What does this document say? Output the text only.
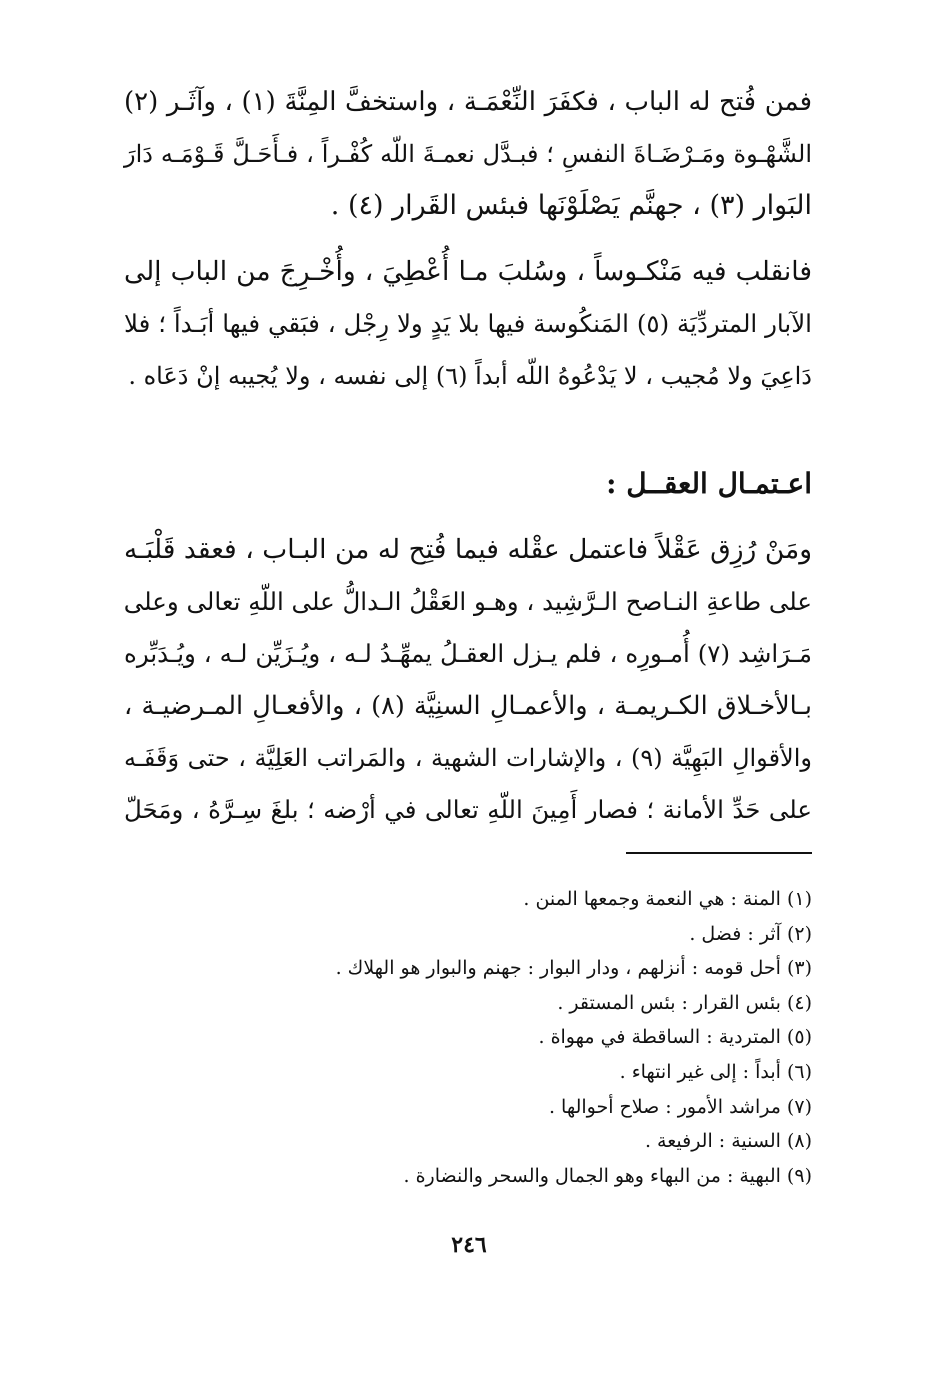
فمن فُتح له الباب ، فكفَرَ النِّعْمَـة ، واستخفَّ المِنَّةَ (١) ، وآثَـر (٢)
الشَّهْـوة ومَـرْضَـاةَ النفسِ ؛ فبـدَّل نعمـةَ اللّه كُفْـراً ، فـأَحَـلَّ قَـوْمَـه دَارَ
البَوار (٣) ، جهنَّم يَصْلَوْنَها فبئس القَرار (٤) .
فانقلب فيه مَنْكـوساً ، وسُلبَ مـا أُعْطِيَ ، وأُخْـرِجَ من الباب إلى
الآبار المتردِّيَة (٥) المَنكُوسة فيها بلا يَدٍ ولا رِجْل ، فبَقي فيها أبَـداً ؛ فلا
دَاعِيَ ولا مُجيب ، لا يَدْعُوهُ اللّه أبداً (٦) إلى نفسه ، ولا يُجيبه إنْ دَعَاه .
اعـتمـال العقــل :
ومَنْ رُزِق عَقْلاً فاعتمل عقْله فيما فُتِح له من البـاب ، فعقد قَلْبَـه
على طاعةِ النـاصح الـرَّشِيد ، وهـو العَقْلُ الـدالُّ على اللّهِ تعالى وعلى
مَـرَاشِد (٧) أُمـورِه ، فلم يـزل العقـلُ يمهِّـدُ لـه ، ويُـزَيِّن لـه ، ويُـدَبِّره
بـالأخـلاق الكـريمـة ، والأعمـالِ السنِيَّة (٨) ، والأفعـالِ المـرضيـة ،
والأقوالِ البَهِيَّة (٩) ، والإشارات الشهية ، والمَراتب العَلِيَّة ، حتى وَقَفَـه
على حَدِّ الأمانة ؛ فصار أَمِينَ اللّهِ تعالى في أرْضه ؛ بلغَ سِـرَّهُ ، ومَحَلّ
(١) المنة : هي النعمة وجمعها المنن .
(٢) آثر : فضل .
(٣) أحل قومه : أنزلهم ، ودار البوار : جهنم والبوار هو الهلاك .
(٤) بئس القرار : بئس المستقر .
(٥) المتردية : الساقطة في مهواة .
(٦) أبداً : إلى غير انتهاء .
(٧) مراشد الأمور : صلاح أحوالها .
(٨) السنية : الرفيعة .
(٩) البهية : من البهاء وهو الجمال والسحر والنضارة .
٢٤٦
